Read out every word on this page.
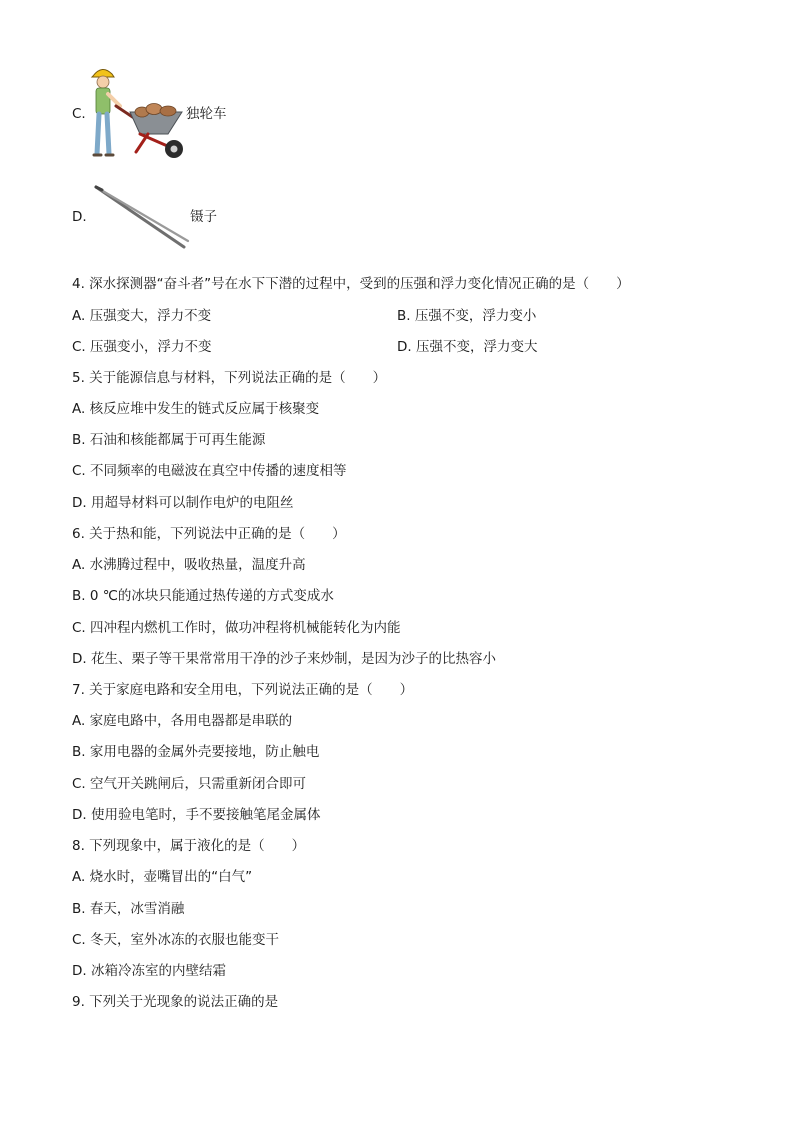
C.	独轮车
D.	镊子
4. 深水探测器“奋斗者”号在水下下潜的过程中，受到的压强和浮力变化情况正确的是（　　）
A. 压强变大，浮力不变	B. 压强不变，浮力变小
C. 压强变小，浮力不变	D. 压强不变，浮力变大
5. 关于能源信息与材料，下列说法正确的是（　　）
A. 核反应堆中发生的链式反应属于核聚变
B. 石油和核能都属于可再生能源
C. 不同频率的电磁波在真空中传播的速度相等
D. 用超导材料可以制作电炉的电阻丝
6. 关于热和能，下列说法中正确的是（　　）
A. 水沸腾过程中，吸收热量，温度升高
B. 0 ℃的冰块只能通过热传递的方式变成水
C. 四冲程内燃机工作时，做功冲程将机械能转化为内能
D. 花生、栗子等干果常常用干净的沙子来炒制，是因为沙子的比热容小
7. 关于家庭电路和安全用电，下列说法正确的是（　　）
A. 家庭电路中，各用电器都是串联的
B. 家用电器的金属外壳要接地，防止触电
C. 空气开关跳闸后，只需重新闭合即可
D. 使用验电笔时，手不要接触笔尾金属体
8. 下列现象中，属于液化的是（　　）
A. 烧水时，壶嘴冒出的“白气”
B. 春天，冰雪消融
C. 冬天，室外冰冻的衣服也能变干
D. 冰箱冷冻室的内壁结霜
9. 下列关于光现象的说法正确的是
